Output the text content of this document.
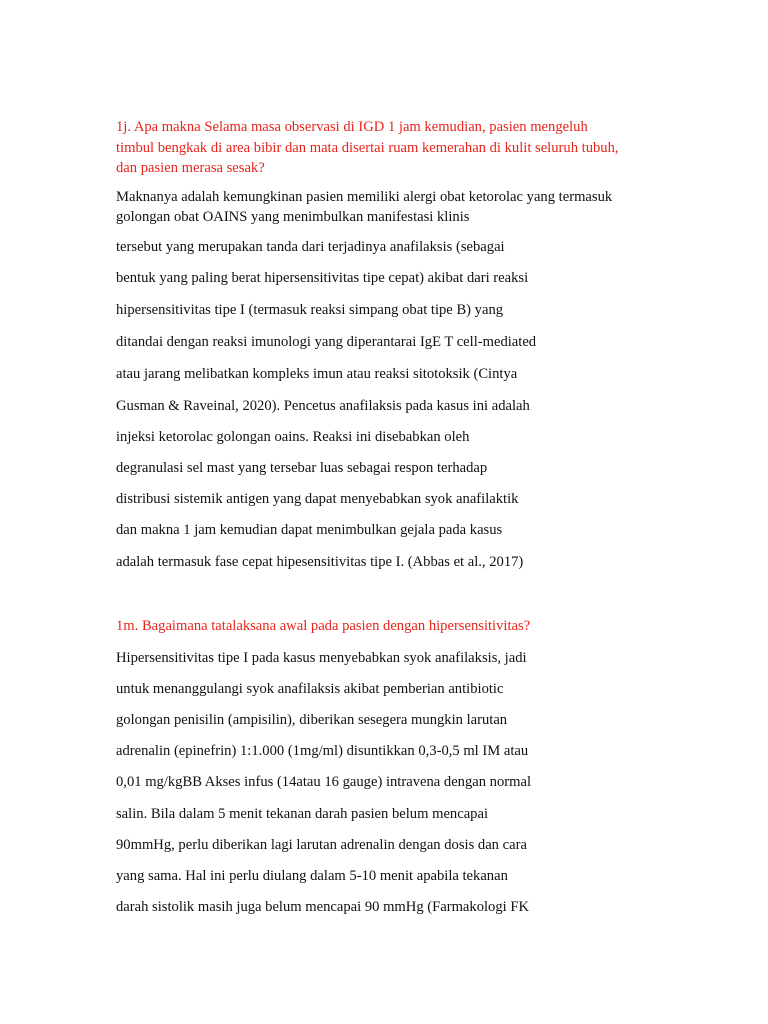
1j. Apa makna Selama masa observasi di IGD 1 jam kemudian, pasien mengeluh

timbul bengkak di area bibir dan mata disertai ruam kemerahan di kulit seluruh tubuh,

dan pasien merasa sesak?

Maknanya adalah kemungkinan pasien memiliki alergi obat ketorolac yang termasuk

golongan obat OAINS yang menimbulkan manifestasi klinis

tersebut yang merupakan tanda dari terjadinya anafilaksis (sebagai

bentuk yang paling berat hipersensitivitas tipe cepat) akibat dari reaksi

hipersensitivitas tipe I (termasuk reaksi simpang obat tipe B) yang

ditandai dengan reaksi imunologi yang diperantarai IgE T cell-mediated

atau jarang melibatkan kompleks imun atau reaksi sitotoksik (Cintya

Gusman & Raveinal, 2020). Pencetus anafilaksis pada kasus ini adalah

injeksi ketorolac golongan oains. Reaksi ini disebabkan oleh

degranulasi sel mast yang tersebar luas sebagai respon terhadap

distribusi sistemik antigen yang dapat menyebabkan syok anafilaktik

dan makna 1 jam kemudian dapat menimbulkan gejala pada kasus

adalah termasuk fase cepat hipesensitivitas tipe I. (Abbas et al., 2017)

1m. Bagaimana tatalaksana awal pada pasien dengan hipersensitivitas?

Hipersensitivitas tipe I pada kasus menyebabkan syok anafilaksis, jadi

untuk menanggulangi syok anafilaksis akibat pemberian antibiotic

golongan penisilin (ampisilin), diberikan sesegera mungkin larutan

adrenalin (epinefrin) 1:1.000 (1mg/ml) disuntikkan 0,3-0,5 ml IM atau

0,01 mg/kgBB Akses infus (14atau 16 gauge) intravena dengan normal

salin. Bila dalam 5 menit tekanan darah pasien belum mencapai

90mmHg, perlu diberikan lagi larutan adrenalin dengan dosis dan cara

yang sama. Hal ini perlu diulang dalam 5-10 menit apabila tekanan

darah sistolik masih juga belum mencapai 90 mmHg (Farmakologi FK
